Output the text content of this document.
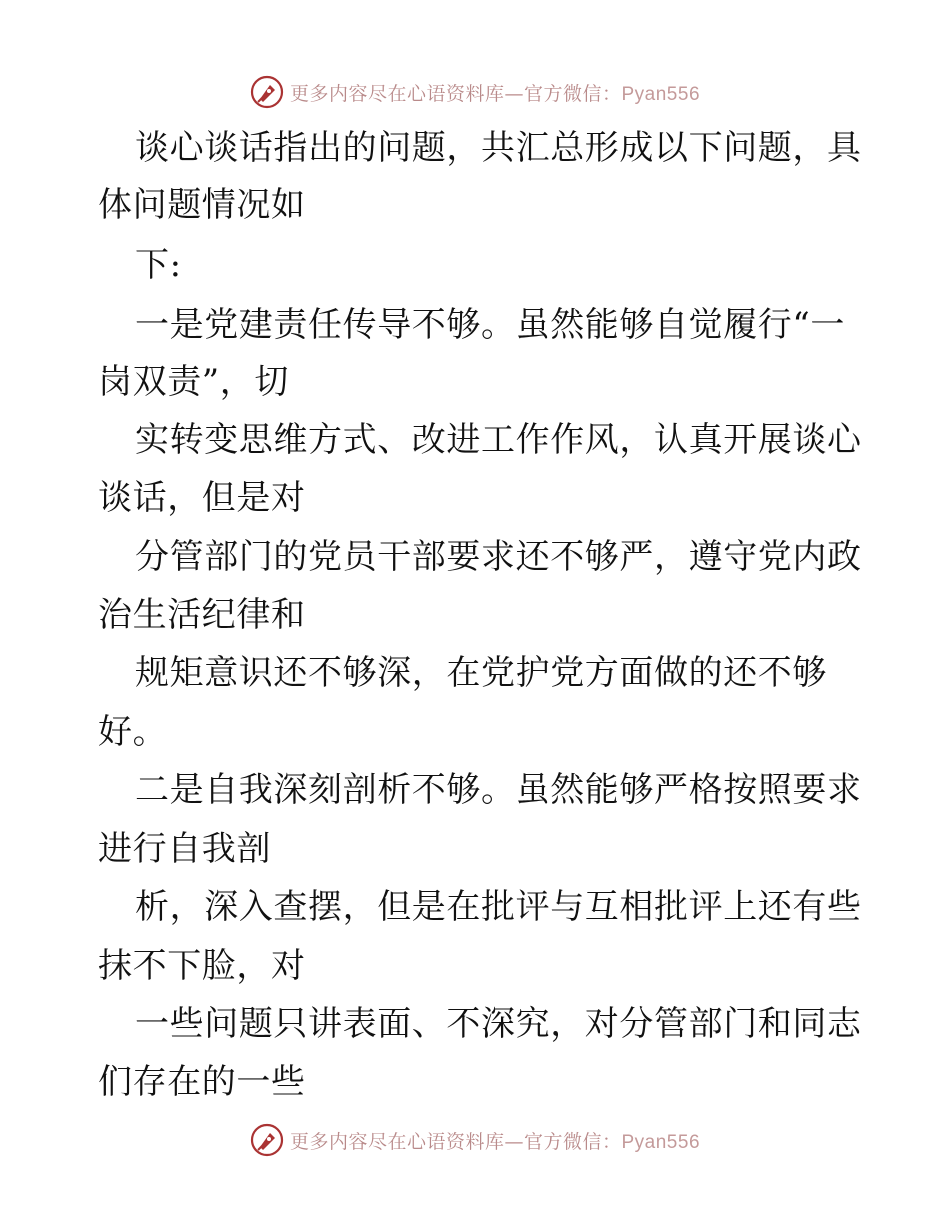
更多内容尽在心语资料库—官方微信：Pyan556
谈心谈话指出的问题，共汇总形成以下问题，具
体问题情况如
下:
一是党建责任传导不够。虽然能够自觉履行“一
岗双责”，切
实转变思维方式、改进工作作风，认真开展谈心
谈话，但是对
分管部门的党员干部要求还不够严，遵守党内政
治生活纪律和
规矩意识还不够深，在党护党方面做的还不够
好。
二是自我深刻剖析不够。虽然能够严格按照要求
进行自我剖
析，深入查摆，但是在批评与互相批评上还有些
抹不下脸，对
一些问题只讲表面、不深究，对分管部门和同志
们存在的一些
更多内容尽在心语资料库—官方微信：Pyan556
